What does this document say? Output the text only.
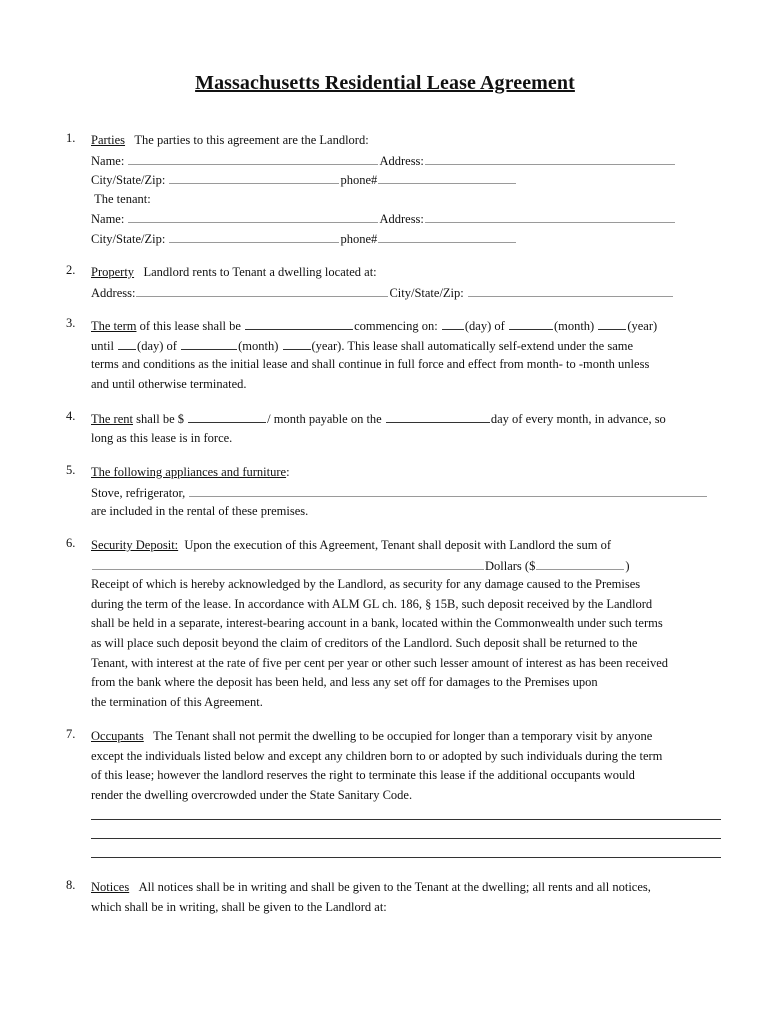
Massachusetts Residential Lease Agreement
1. Parties The parties to this agreement are the Landlord:
Name:	Address:
City/State/Zip:	phone#
The tenant:
Name:	Address:
City/State/Zip:	phone#
2. Property Landlord rents to Tenant a dwelling located at:
Address:	City/State/Zip:
3. The term of this lease shall be	commencing on: (day) of	(month)	(year)
until (day) of	(month)	(year). This lease shall automatically self-extend under the same
terms and conditions as the initial lease and shall continue in full force and effect from month- to -month unless
and until otherwise terminated.
4. The rent shall be $	/ month payable on the	day of every month, in advance, so
long as this lease is in force.
5. The following appliances and furniture:
Stove, refrigerator,
are included in the rental of these premises.
6. Security Deposit: Upon the execution of this Agreement, Tenant shall deposit with Landlord the sum of
Dollars ($	)
Receipt of which is hereby acknowledged by the Landlord, as security for any damage caused to the Premises
during the term of the lease. In accordance with ALM GL ch. 186, § 15B, such deposit received by the Landlord
shall be held in a separate, interest-bearing account in a bank, located within the Commonwealth under such terms
as will place such deposit beyond the claim of creditors of the Landlord. Such deposit shall be returned to the
Tenant, with interest at the rate of five per cent per year or other such lesser amount of interest as has been received
from the bank where the deposit has been held, and less any set off for damages to the Premises upon
the termination of this Agreement.
7. Occupants The Tenant shall not permit the dwelling to be occupied for longer than a temporary visit by anyone
except the individuals listed below and except any children born to or adopted by such individuals during the term
of this lease; however the landlord reserves the right to terminate this lease if the additional occupants would
render the dwelling overcrowded under the State Sanitary Code.
8. Notices All notices shall be in writing and shall be given to the Tenant at the dwelling; all rents and all notices,
which shall be in writing, shall be given to the Landlord at:
